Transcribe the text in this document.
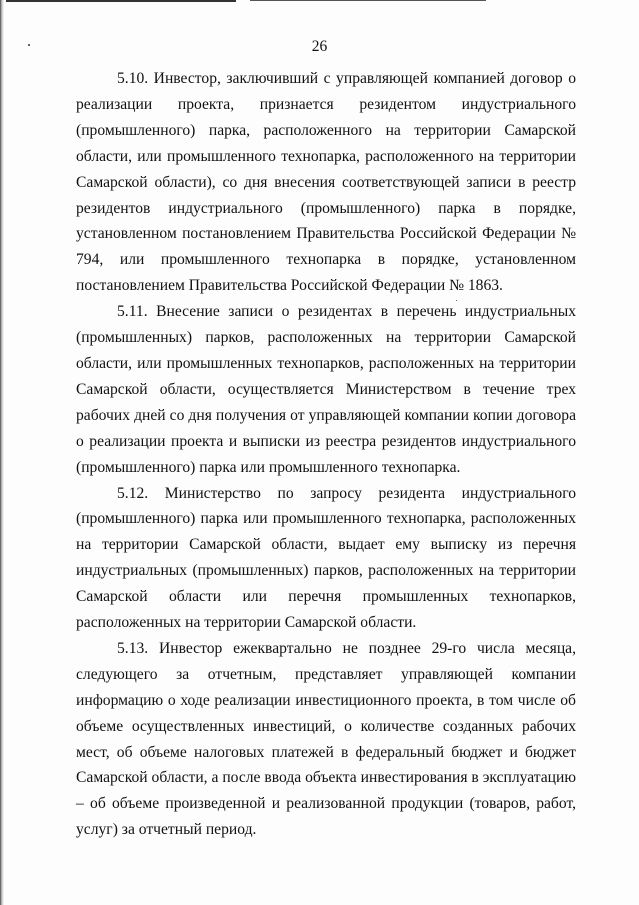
26

5.10. Инвестор, заключивший с управляющей компанией договор о реализации проекта, признается резидентом индустриального (промышленного) парка, расположенного на территории Самарской области, или промышленного технопарка, расположенного на территории Самарской области), со дня внесения соответствующей записи в реестр резидентов индустриального (промышленного) парка в порядке, установленном постановлением Правительства Российской Федерации № 794, или промышленного технопарка в порядке, установленном постановлением Правительства Российской Федерации № 1863.

5.11. Внесение записи о резидентах в перечень индустриальных (промышленных) парков, расположенных на территории Самарской области, или промышленных технопарков, расположенных на территории Самарской области, осуществляется Министерством в течение трех рабочих дней со дня получения от управляющей компании копии договора о реализации проекта и выписки из реестра резидентов индустриального (промышленного) парка или промышленного технопарка.

5.12. Министерство по запросу резидента индустриального (промышленного) парка или промышленного технопарка, расположенных на территории Самарской области, выдает ему выписку из перечня индустриальных (промышленных) парков, расположенных на территории Самарской области или перечня промышленных технопарков, расположенных на территории Самарской области.

5.13. Инвестор ежеквартально не позднее 29-го числа месяца, следующего за отчетным, представляет управляющей компании информацию о ходе реализации инвестиционного проекта, в том числе об объеме осуществленных инвестиций, о количестве созданных рабочих мест, об объеме налоговых платежей в федеральный бюджет и бюджет Самарской области, а после ввода объекта инвестирования в эксплуатацию – об объеме произведенной и реализованной продукции (товаров, работ, услуг) за отчетный период.
